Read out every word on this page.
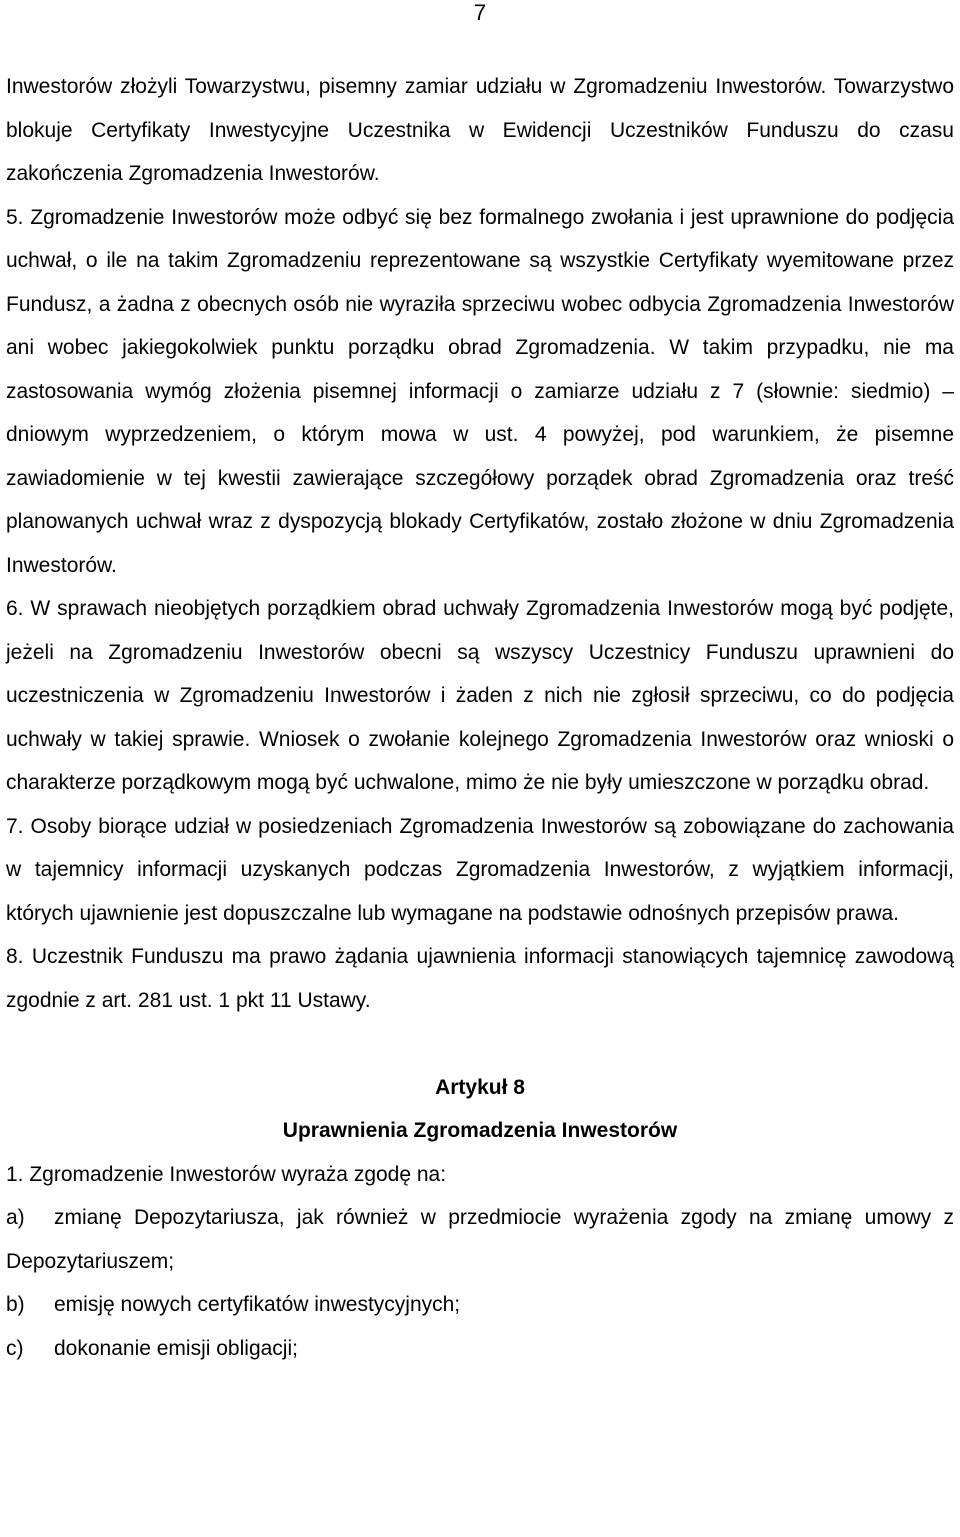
7

Inwestorów złożyli Towarzystwu, pisemny zamiar udziału w Zgromadzeniu Inwestorów. Towarzystwo blokuje Certyfikaty Inwestycyjne Uczestnika w Ewidencji Uczestników Funduszu do czasu zakończenia Zgromadzenia Inwestorów.

5. Zgromadzenie Inwestorów może odbyć się bez formalnego zwołania i jest uprawnione do podjęcia uchwał, o ile na takim Zgromadzeniu reprezentowane są wszystkie Certyfikaty wyemitowane przez Fundusz, a żadna z obecnych osób nie wyraziła sprzeciwu wobec odbycia Zgromadzenia Inwestorów ani wobec jakiegokolwiek punktu porządku obrad Zgromadzenia. W takim przypadku, nie ma zastosowania wymóg złożenia pisemnej informacji o zamiarze udziału z 7 (słownie: siedmio) – dniowym wyprzedzeniem, o którym mowa w ust. 4 powyżej, pod warunkiem, że pisemne zawiadomienie w tej kwestii zawierające szczegółowy porządek obrad Zgromadzenia oraz treść planowanych uchwał wraz z dyspozycją blokady Certyfikatów, zostało złożone w dniu Zgromadzenia Inwestorów.

6. W sprawach nieobjętych porządkiem obrad uchwały Zgromadzenia Inwestorów mogą być podjęte, jeżeli na Zgromadzeniu Inwestorów obecni są wszyscy Uczestnicy Funduszu uprawnieni do uczestniczenia w Zgromadzeniu Inwestorów i żaden z nich nie zgłosił sprzeciwu, co do podjęcia uchwały w takiej sprawie. Wniosek o zwołanie kolejnego Zgromadzenia Inwestorów oraz wnioski o charakterze porządkowym mogą być uchwalone, mimo że nie były umieszczone w porządku obrad.

7. Osoby biorące udział w posiedzeniach Zgromadzenia Inwestorów są zobowiązane do zachowania w tajemnicy informacji uzyskanych podczas Zgromadzenia Inwestorów, z wyjątkiem informacji, których ujawnienie jest dopuszczalne lub wymagane na podstawie odnośnych przepisów prawa.

8. Uczestnik Funduszu ma prawo żądania ujawnienia informacji stanowiących tajemnicę zawodową zgodnie z art. 281 ust. 1 pkt 11 Ustawy.

Artykuł 8

Uprawnienia Zgromadzenia Inwestorów

1. Zgromadzenie Inwestorów wyraża zgodę na:

a) zmianę Depozytariusza, jak również w przedmiocie wyrażenia zgody na zmianę umowy z Depozytariuszem;

b) emisję nowych certyfikatów inwestycyjnych;

c) dokonanie emisji obligacji;
